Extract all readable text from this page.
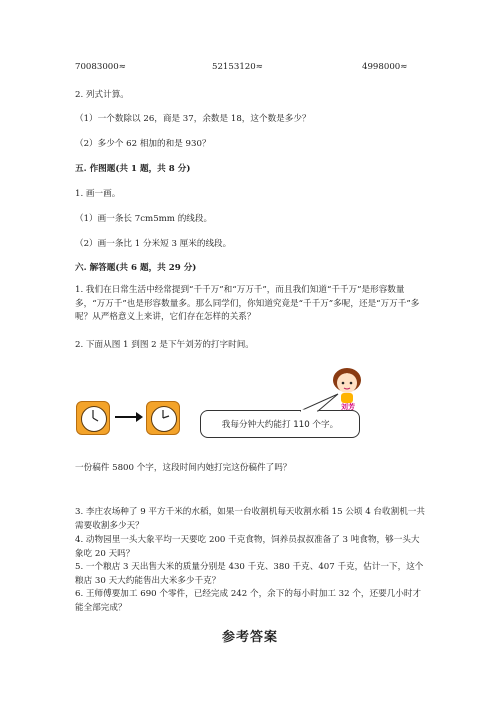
70083000≈	52153120≈	4998000≈
2. 列式计算。
（1）一个数除以 26，商是 37，余数是 18，这个数是多少？
（2）多少个 62 相加的和是 930？
五. 作图题(共 1 题，共 8 分)
1. 画一画。
（1）画一条长 7cm5mm 的线段。
（2）画一条比 1 分米短 3 厘米的线段。
六. 解答题(共 6 题，共 29 分)
1. 我们在日常生活中经常提到“千千万”和“万万千”，而且我们知道“千千万”是形容数量多，“万万千”也是形容数量多。那么同学们，你知道究竟是“千千万”多呢，还是“万万千”多呢？从严格意义上来讲，它们存在怎样的关系？
2. 下面从图 1 到图 2 是下午刘芳的打字时间。
我每分钟大约能打 110 个字。
刘芳
一份稿件 5800 个字，这段时间内她打完这份稿件了吗？
3. 李庄农场种了 9 平方千米的水稻，如果一台收割机每天收割水稻 15 公顷 4 台收割机一共需要收割多少天？
4. 动物园里一头大象平均一天要吃 200 千克食物，饲养员叔叔准备了 3 吨食物，够一头大象吃 20 天吗？
5. 一个粮店 3 天出售大米的质量分别是 430 千克、380 千克、407 千克，估计一下，这个粮店 30 天大约能售出大米多少千克？
6. 王师傅要加工 690 个零件，已经完成 242 个，余下的每小时加工 32 个，还要几小时才能全部完成？
参考答案
